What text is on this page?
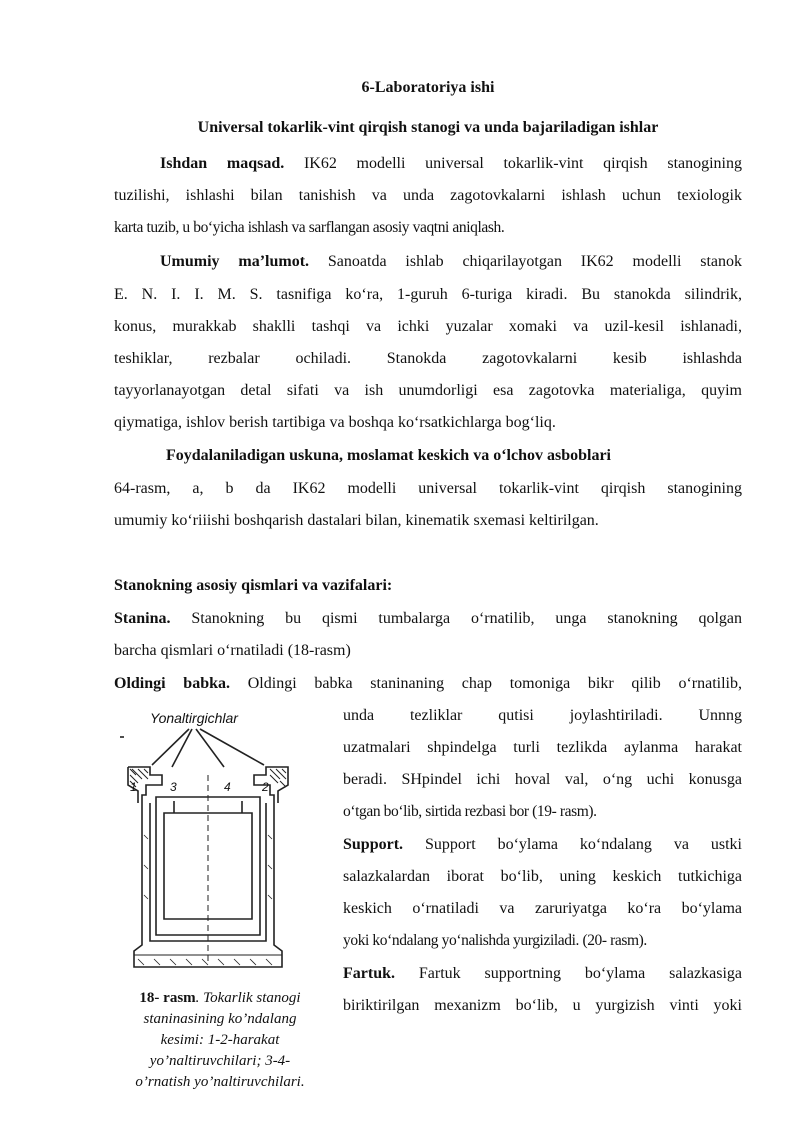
6-Laboratoriya ishi
Universal tokarlik-vint qirqish stanogi va unda bajariladigan ishlar
Ishdan maqsad. IK62 modelli universal tokarlik-vint qirqish stanogining
tuzilishi, ishlashi bilan tanishish va unda zagotovkalarni ishlash uchun texiologik
karta tuzib, u bo‘yicha ishlash va sarflangan asosiy vaqtni aniqlash.
Umumiy ma’lumot. Sanoatda ishlab chiqarilayotgan IK62 modelli stanok
E. N. I. I. M. S. tasnifiga ko‘ra, 1-guruh 6-turiga kiradi. Bu stanokda silindrik,
konus, murakkab shaklli tashqi va ichki yuzalar xomaki va uzil-kesil ishlanadi,
teshiklar, rezbalar ochiladi. Stanokda zagotovkalarni kesib ishlashda
tayyorlanayotgan detal sifati va ish unumdorligi esa zagotovka materialiga, quyim
qiymatiga, ishlov berish tartibiga va boshqa ko‘rsatkichlarga bog‘liq.
Foydalaniladigan uskuna, moslamat keskich va o‘lchov asboblari
64-rasm, a, b da IK62 modelli universal tokarlik-vint qirqish stanogining
umumiy ko‘riiishi boshqarish dastalari bilan, kinematik sxemasi keltirilgan.
Stanokning asosiy qismlari va vazifalari:
Stanina. Stanokning bu qismi tumbalarga o‘rnatilib, unga stanokning qolgan
barcha qismlari o‘rnatiladi (18-rasm)
Oldingi babka. Oldingi babka staninaning chap tomoniga bikr qilib o‘rnatilib,
unda tezliklar qutisi joylashtiriladi. Unnng
uzatmalari shpindelga turli tezlikda aylanma harakat
beradi. SHpindel ichi hoval val, o‘ng uchi konusga
o‘tgan bo‘lib, sirtida rezbasi bor (19- rasm).
Support. Support bo‘ylama ko‘ndalang va ustki
salazkalardan iborat bo‘lib, uning keskich tutkichiga
keskich o‘rnatiladi va zaruriyatga ko‘ra bo‘ylama
yoki ko‘ndalang yo‘nalishda yurgiziladi. (20- rasm).
Fartuk. Fartuk supportning bo‘ylama salazkasiga
biriktirilgan mexanizm bo‘lib, u yurgizish vinti yoki
Yonaltirgichlar
1	2
3	4
18- rasm. Tokarlik stanogi
staninasining ko’ndalang
kesimi: 1-2-harakat
yo’naltiruvchilari; 3-4-
o’rnatish yo’naltiruvchilari.
